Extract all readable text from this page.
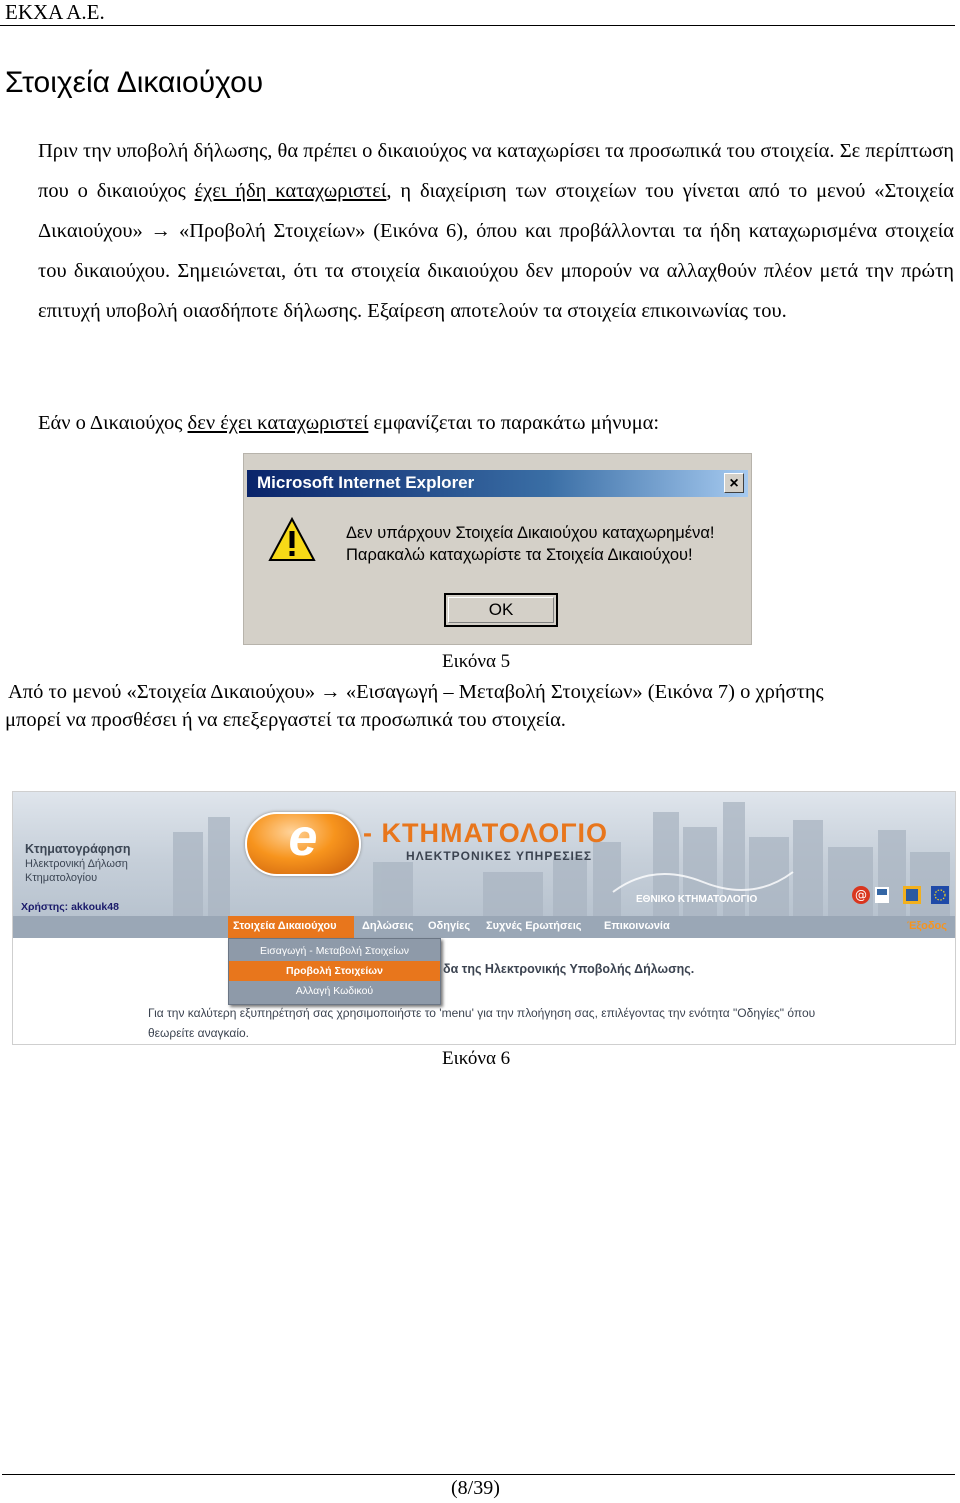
ΕΚΧΑ Α.Ε.
Στοιχεία Δικαιούχου
Πριν την υποβολή δήλωσης, θα πρέπει ο δικαιούχος να καταχωρίσει τα προσωπικά του στοιχεία. Σε περίπτωση που ο δικαιούχος έχει ήδη καταχωριστεί, η διαχείριση των στοιχείων του γίνεται από το μενού «Στοιχεία Δικαιούχου» → «Προβολή Στοιχείων» (Εικόνα 6), όπου και προβάλλονται τα ήδη καταχωρισμένα στοιχεία του δικαιούχου. Σημειώνεται, ότι τα στοιχεία δικαιούχου δεν μπορούν να αλλαχθούν πλέον μετά την πρώτη επιτυχή υποβολή οιασδήποτε δήλωσης. Εξαίρεση αποτελούν τα στοιχεία επικοινωνίας του.
Εάν ο Δικαιούχος δεν έχει καταχωριστεί εμφανίζεται το παρακάτω μήνυμα:
Microsoft Internet Explorer	×
Δεν υπάρχουν Στοιχεία Δικαιούχου καταχωρημένα!
Παρακαλώ καταχωρίστε τα Στοιχεία Δικαιούχου!
OK
Εικόνα 5
Από το μενού «Στοιχεία Δικαιούχου» → «Εισαγωγή – Μεταβολή Στοιχείων» (Εικόνα 7) ο χρήστης
μπορεί να προσθέσει ή να επεξεργαστεί τα προσωπικά του στοιχεία.
Κτηματογράφηση
Ηλεκτρονική Δήλωση
Κτηματολογίου
Χρήστης: akkouk48
e	- ΚΤΗΜΑΤΟΛΟΓΙΟ
ΗΛΕΚΤΡΟΝΙΚΕΣ ΥΠΗΡΕΣΙΕΣ
ΕΘΝΙΚΟ ΚΤΗΜΑΤΟΛΟΓΙΟ	@
Στοιχεία Δικαιούχου Δηλώσεις Οδηγίες Συχνές Ερωτήσεις Επικοινωνία	Έξοδος
δα της Ηλεκτρονικής Υποβολής Δήλωσης.
Για την καλύτερη εξυπηρέτησή σας χρησιμοποιήστε το 'menu' για την πλοήγηση σας, επιλέγοντας την ενότητα "Οδηγίες" όπου θεωρείτε αναγκαίο.
Εισαγωγή - Μεταβολή Στοιχείων
Προβολή Στοιχείων
Αλλαγή Κωδικού
Εικόνα 6
(8/39)
